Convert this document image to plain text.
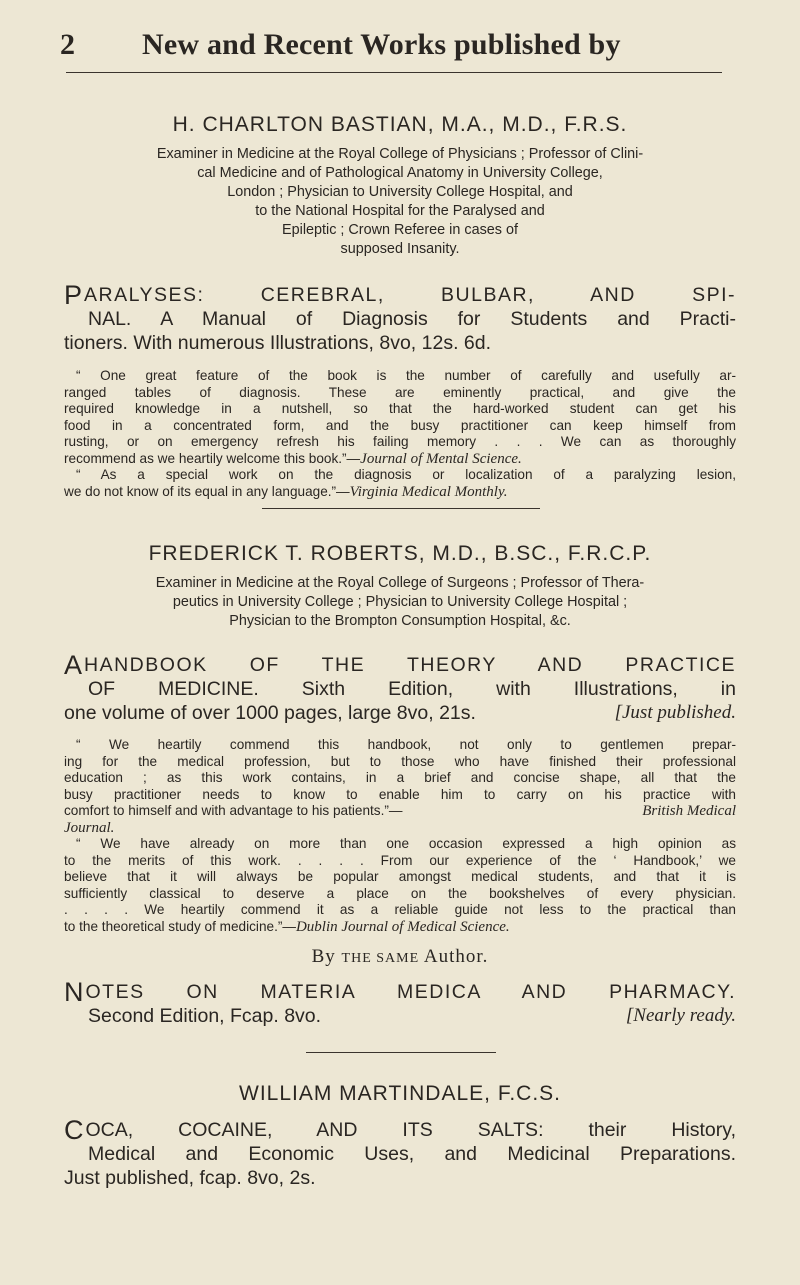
2 New and Recent Works published by
H. CHARLTON BASTIAN, M.A., M.D., F.R.S.
Examiner in Medicine at the Royal College of Physicians ; Professor of Clini-
cal Medicine and of Pathological Anatomy in University College,
London ; Physician to University College Hospital, and
to the National Hospital for the Paralysed and
Epileptic ; Crown Referee in cases of
supposed Insanity.
P ARALYSES: CEREBRAL, BULBAR, AND SPI-
NAL. A Manual of Diagnosis for Students and Practi-
tioners. With numerous Illustrations, 8vo, 12s. 6d.
“ One great feature of the book is the number of carefully and usefully ar-
ranged tables of diagnosis. These are eminently practical, and give the
required knowledge in a nutshell, so that the hard-worked student can get his
food in a concentrated form, and the busy practitioner can keep himself from
rusting, or on emergency refresh his failing memory . . . We can as thoroughly
recommend as we heartily welcome this book.”—Journal of Mental Science.
“ As a special work on the diagnosis or localization of a paralyzing lesion,
we do not know of its equal in any language.”—Virginia Medical Monthly.
FREDERICK T. ROBERTS, M.D., B.SC., F.R.C.P.
Examiner in Medicine at the Royal College of Surgeons ; Professor of Thera-
peutics in University College ; Physician to University College Hospital ;
Physician to the Brompton Consumption Hospital, &c.
A HANDBOOK OF THE THEORY AND PRACTICE
OF MEDICINE. Sixth Edition, with Illustrations, in
one volume of over 1000 pages, large 8vo, 21s.	[Just published.
“ We heartily commend this handbook, not only to gentlemen prepar-
ing for the medical profession, but to those who have finished their professional
education ; as this work contains, in a brief and concise shape, all that the
busy practitioner needs to know to enable him to carry on his practice with
comfort to himself and with advantage to his patients.”—	British Medical
Journal.
“ We have already on more than one occasion expressed a high opinion as
to the merits of this work. . . . . From our experience of the ‘ Handbook,’ we
believe that it will always be popular amongst medical students, and that it is
sufficiently classical to deserve a place on the bookshelves of every physician.
. . . . We heartily commend it as a reliable guide not less to the practical than
to the theoretical study of medicine.”—Dublin Journal of Medical Science.
By THE SAME Author.
N OTES ON MATERIA MEDICA AND PHARMACY.
Second Edition, Fcap. 8vo.	[Nearly ready.
WILLIAM MARTINDALE, F.C.S.
C OCA, COCAINE, AND ITS SALTS: their History,
Medical and Economic Uses, and Medicinal Preparations.
Just published, fcap. 8vo, 2s.
